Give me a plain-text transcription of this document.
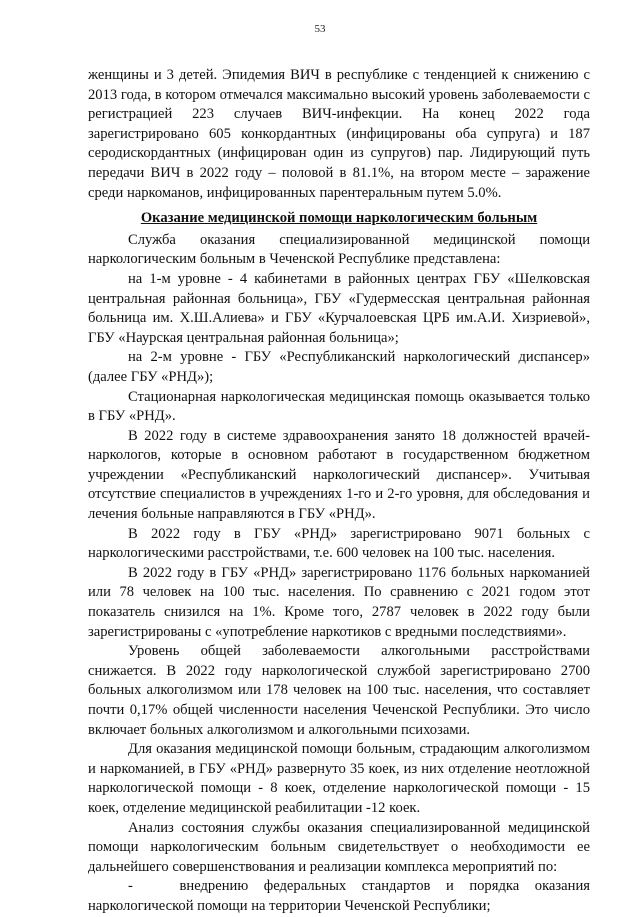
53

женщины и 3 детей. Эпидемия ВИЧ в республике с тенденцией к снижению с 2013 года, в котором отмечался максимально высокий уровень заболеваемости с регистрацией 223 случаев ВИЧ-инфекции. На конец 2022 года зарегистрировано 605 конкордантных (инфицированы оба супруга) и 187 серодискордантных (инфицирован один из супругов) пар. Лидирующий путь передачи ВИЧ в 2022 году – половой в 81.1%, на втором месте – заражение среди наркоманов, инфицированных парентеральным путем 5.0%.

Оказание медицинской помощи наркологическим больным

Служба оказания специализированной медицинской помощи наркологическим больным в Чеченской Республике представлена:

на 1-м уровне - 4 кабинетами в районных центрах ГБУ «Шелковская центральная районная больница», ГБУ «Гудермесская центральная районная больница им. Х.Ш.Алиева» и ГБУ «Курчалоевская ЦРБ им.А.И. Хизриевой», ГБУ «Наурская центральная районная больница»;

на 2-м уровне - ГБУ «Республиканский наркологический диспансер» (далее ГБУ «РНД»);

Стационарная наркологическая медицинская помощь оказывается только в ГБУ «РНД».

В 2022 году в системе здравоохранения занято 18 должностей врачей-наркологов, которые в основном работают в государственном бюджетном учреждении «Республиканский наркологический диспансер». Учитывая отсутствие специалистов в учреждениях 1-го и 2-го уровня, для обследования и лечения больные направляются в ГБУ «РНД».

В 2022 году в ГБУ «РНД» зарегистрировано 9071 больных с наркологическими расстройствами, т.е. 600 человек на 100 тыс. населения.

В 2022 году в ГБУ «РНД» зарегистрировано 1176 больных наркоманией или 78 человек на 100 тыс. населения. По сравнению с 2021 годом этот показатель снизился на 1%. Кроме того, 2787 человек в 2022 году были зарегистрированы с «употребление наркотиков с вредными последствиями».

Уровень общей заболеваемости алкогольными расстройствами снижается. В 2022 году наркологической службой зарегистрировано 2700 больных алкоголизмом или 178 человек на 100 тыс. населения, что составляет почти 0,17% общей численности населения Чеченской Республики. Это число включает больных алкоголизмом и алкогольными психозами.

Для оказания медицинской помощи больным, страдающим алкоголизмом и наркоманией, в ГБУ «РНД» развернуто 35 коек, из них отделение неотложной наркологической помощи - 8 коек, отделение наркологической помощи - 15 коек, отделение медицинской реабилитации -12 коек.

Анализ состояния службы оказания специализированной медицинской помощи наркологическим больным свидетельствует о необходимости ее дальнейшего совершенствования и реализации комплекса мероприятий по:

-   внедрению федеральных стандартов и порядка оказания наркологической помощи на территории Чеченской Республики;
